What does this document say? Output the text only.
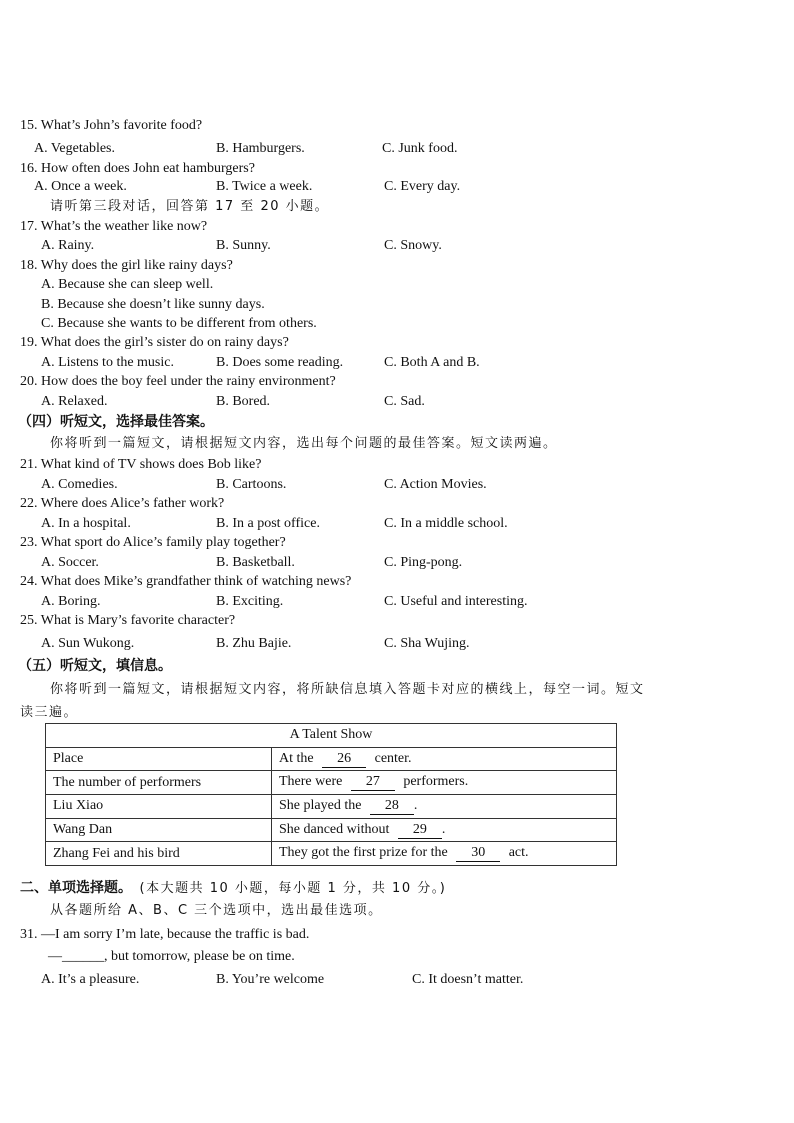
15. What’s John’s favorite food?
A. Vegetables.	B. Hamburgers.	C. Junk food.
16. How often does John eat hamburgers?
A. Once a week.	B. Twice a week.	C. Every day.
请听第三段对话，回答第 17 至 20 小题。
17. What’s the weather like now?
A. Rainy.	B. Sunny.	C. Snowy.
18. Why does the girl like rainy days?
A. Because she can sleep well.
B. Because she doesn’t like sunny days.
C. Because she wants to be different from others.
19. What does the girl’s sister do on rainy days?
A. Listens to the music.	B. Does some reading.	C. Both A and B.
20. How does the boy feel under the rainy environment?
A. Relaxed.	B. Bored.	C. Sad.
（四）听短文，选择最佳答案。
你将听到一篇短文，请根据短文内容，选出每个问题的最佳答案。短文读两遍。
21. What kind of TV shows does Bob like?
A. Comedies.	B. Cartoons.	C. Action Movies.
22. Where does Alice’s father work?
A. In a hospital.	B. In a post office.	C. In a middle school.
23. What sport do Alice’s family play together?
A. Soccer.	B. Basketball.	C. Ping-pong.
24. What does Mike’s grandfather think of watching news?
A. Boring.	B. Exciting.	C. Useful and interesting.
25. What is Mary’s favorite character?
A. Sun Wukong.	B. Zhu Bajie.	C. Sha Wujing.
（五）听短文，填信息。
你将听到一篇短文，请根据短文内容，将所缺信息填入答题卡对应的横线上，每空一词。短文
读三遍。
A Talent Show	
Place	At the 26 center.
The number of performers	There were 27 performers.
Liu Xiao	She played the 28 .
Wang Dan	She danced without 29 .
Zhang Fei and his bird	They got the first prize for the 30 act.
二、单项选择题。 (本大题共 10 小题，每小题 1 分，共 10 分。)
从各题所给 A、B、C 三个选项中，选出最佳选项。
31. —I am sorry I’m late, because the traffic is bad.
—______, but tomorrow, please be on time.
A. It’s a pleasure.	B. You’re welcome	C. It doesn’t matter.
